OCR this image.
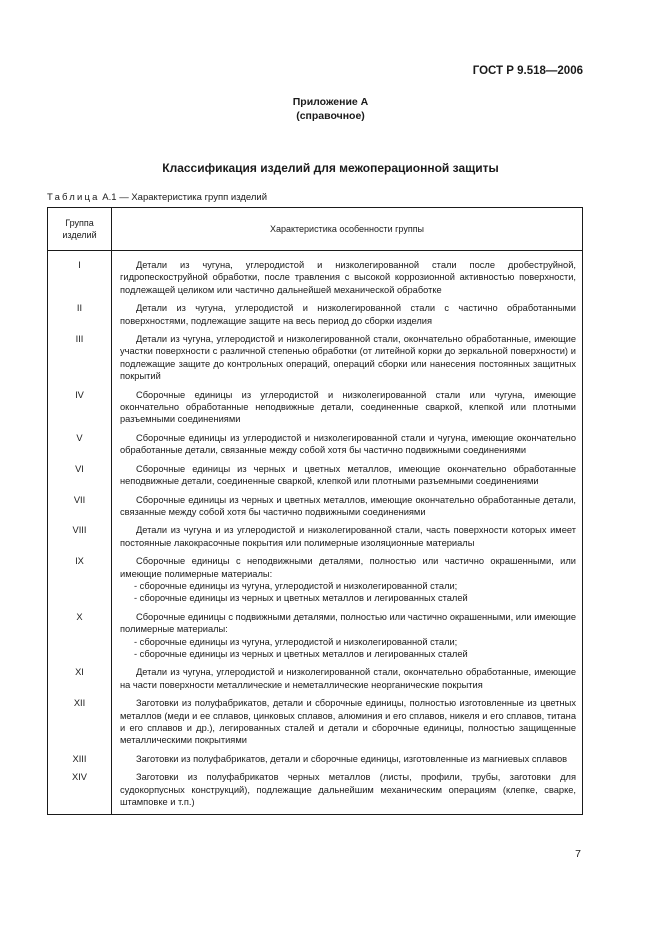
ГОСТ Р 9.518—2006
Приложение А
(справочное)
Классификация изделий для межоперационной защиты
Таблица А.1 — Характеристика групп изделий
Группа изделий	Характеристика особенности группы
I	Детали из чугуна, углеродистой и низколегированной стали после дробеструйной, гидропескоструйной обработки, после травления с высокой коррозионной активностью поверхности, подлежащей целиком или частично дальнейшей механической обработке
II	Детали из чугуна, углеродистой и низколегированной стали с частично обработанными поверхностями, подлежащие защите на весь период до сборки изделия
III	Детали из чугуна, углеродистой и низколегированной стали, окончательно обработанные, имеющие участки поверхности с различной степенью обработки (от литейной корки до зеркальной поверхности) и подлежащие защите до контрольных операций, операций сборки или нанесения постоянных защитных покрытий
IV	Сборочные единицы из углеродистой и низколегированной стали или чугуна, имеющие окончательно обработанные неподвижные детали, соединенные сваркой, клепкой или плотными разъемными соединениями
V	Сборочные единицы из углеродистой и низколегированной стали и чугуна, имеющие окончательно обработанные детали, связанные между собой хотя бы частично подвижными соединениями
VI	Сборочные единицы из черных и цветных металлов, имеющие окончательно обработанные неподвижные детали, соединенные сваркой, клепкой или плотными разъемными соединениями
VII	Сборочные единицы из черных и цветных металлов, имеющие окончательно обработанные детали, связанные между собой хотя бы частично подвижными соединениями
VIII	Детали из чугуна и из углеродистой и низколегированной стали, часть поверхности которых имеет постоянные лакокрасочные покрытия или полимерные изоляционные материалы
IX	Сборочные единицы с неподвижными деталями, полностью или частично окрашенными, или имеющие полимерные материалы:
- сборочные единицы из чугуна, углеродистой и низколегированной стали;
- сборочные единицы из черных и цветных металлов и легированных сталей

X	Сборочные единицы с подвижными деталями, полностью или частично окрашенными, или имеющие полимерные материалы:
- сборочные единицы из чугуна, углеродистой и низколегированной стали;
- сборочные единицы из черных и цветных металлов и легированных сталей

XI	Детали из чугуна, углеродистой и низколегированной стали, окончательно обработанные, имеющие на части поверхности металлические и неметаллические неорганические покрытия
XII	Заготовки из полуфабрикатов, детали и сборочные единицы, полностью изготовленные из цветных металлов (меди и ее сплавов, цинковых сплавов, алюминия и его сплавов, никеля и его сплавов, титана и его сплавов и др.), легированных сталей и детали и сборочные единицы, полностью защищенные металлическими покрытиями
XIII	Заготовки из полуфабрикатов, детали и сборочные единицы, изготовленные из магниевых сплавов
XIV	Заготовки из полуфабрикатов черных металлов (листы, профили, трубы, заготовки для судокорпусных конструкций), подлежащие дальнейшим механическим операциям (клепке, сварке, штамповке и т.п.)
7
